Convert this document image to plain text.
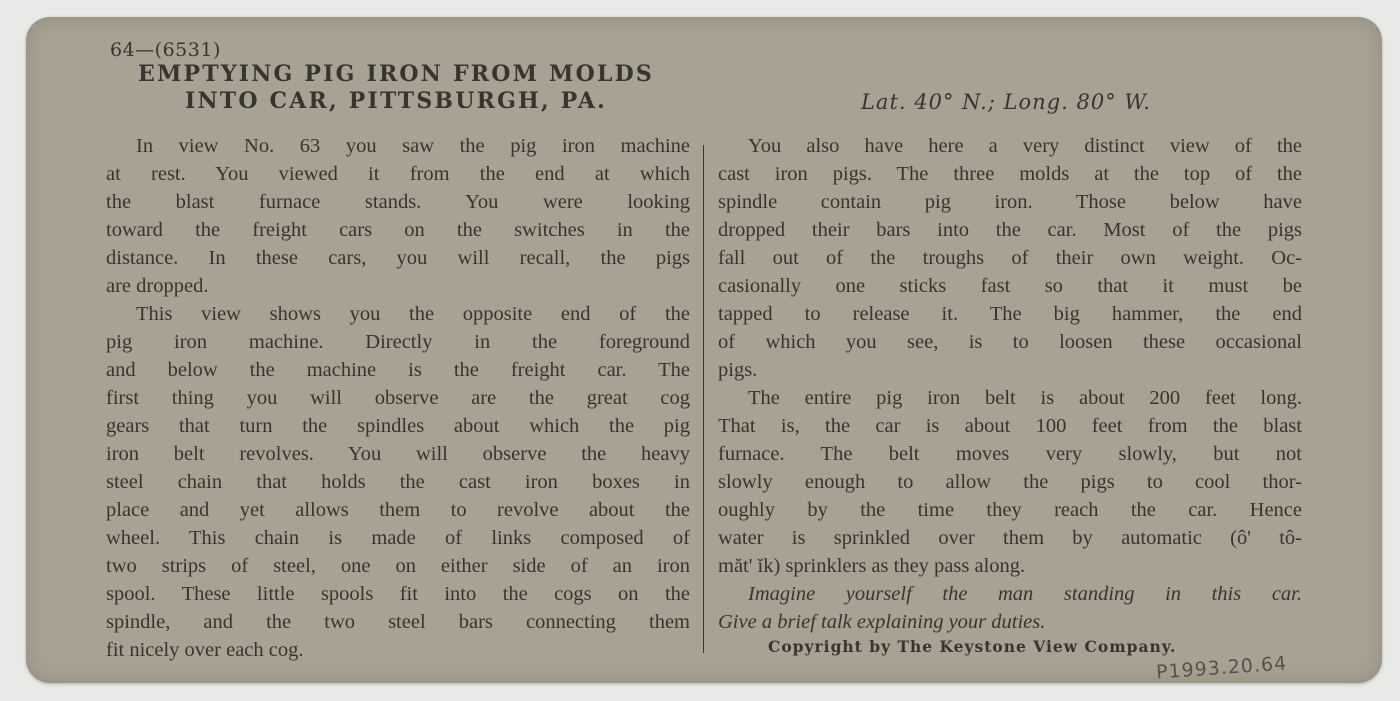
64—(6531)
EMPTYING PIG IRON FROM MOLDS
INTO CAR, PITTSBURGH, PA.	Lat. 40° N.; Long. 80° W.
In view No. 63 you saw the pig iron machine
at rest. You viewed it from the end at which
the blast furnace stands. You were looking
toward the freight cars on the switches in the
distance. In these cars, you will recall, the pigs
are dropped.
This view shows you the opposite end of the
pig iron machine. Directly in the foreground
and below the machine is the freight car. The
first thing you will observe are the great cog
gears that turn the spindles about which the pig
iron belt revolves. You will observe the heavy
steel chain that holds the cast iron boxes in
place and yet allows them to revolve about the
wheel. This chain is made of links composed of
two strips of steel, one on either side of an iron
spool. These little spools fit into the cogs on the
spindle, and the two steel bars connecting them
fit nicely over each cog.
You also have here a very distinct view of the
cast iron pigs. The three molds at the top of the
spindle contain pig iron. Those below have
dropped their bars into the car. Most of the pigs
fall out of the troughs of their own weight. Oc-
casionally one sticks fast so that it must be
tapped to release it. The big hammer, the end
of which you see, is to loosen these occasional
pigs.
The entire pig iron belt is about 200 feet long.
That is, the car is about 100 feet from the blast
furnace. The belt moves very slowly, but not
slowly enough to allow the pigs to cool thor-
oughly by the time they reach the car. Hence
water is sprinkled over them by automatic (ô' tô-
măt' ĭk) sprinklers as they pass along.
Imagine yourself the man standing in this car.
Give a brief talk explaining your duties.
Copyright by The Keystone View Company.
P1993.20.64
